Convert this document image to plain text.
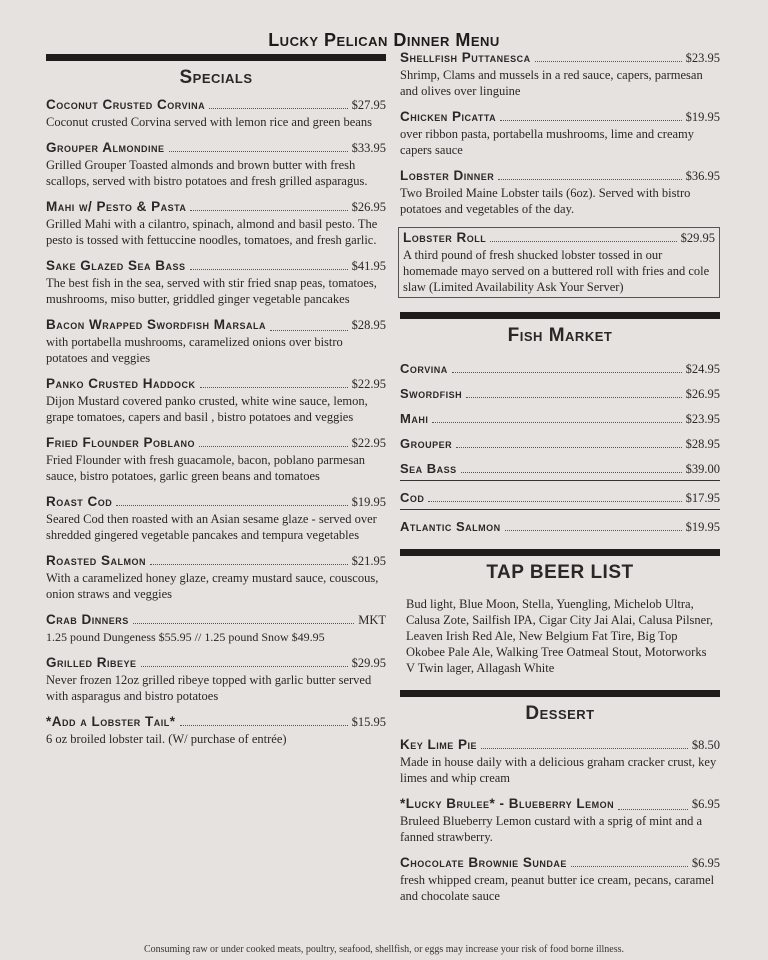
Lucky Pelican Dinner Menu
Specials
Coconut Crusted Corvina	$27.95
Coconut crusted Corvina served with lemon rice and green beans
Grouper Almondine	$33.95
Grilled Grouper Toasted almonds and brown butter with fresh scallops, served with bistro potatoes and fresh grilled asparagus.
Mahi w/ Pesto & Pasta	$26.95
Grilled Mahi with a cilantro, spinach, almond and basil pesto. The pesto is tossed with fettuccine noodles, tomatoes, and fresh garlic.
Sake Glazed Sea Bass	$41.95
The best fish in the sea, served with stir fried snap peas, tomatoes, mushrooms, miso butter, griddled ginger vegetable pancakes
Bacon Wrapped Swordfish Marsala	$28.95
with portabella mushrooms, caramelized onions over bistro potatoes and veggies
Panko Crusted Haddock	$22.95
Dijon Mustard covered panko crusted, white wine sauce, lemon, grape tomatoes, capers and basil , bistro potatoes and veggies
Fried Flounder Poblano	$22.95
Fried Flounder with fresh guacamole, bacon, poblano parmesan sauce, bistro potatoes, garlic green beans and tomatoes
Roast Cod	$19.95
Seared Cod then roasted with an Asian sesame glaze - served over shredded gingered vegetable pancakes and tempura vegetables
Roasted Salmon	$21.95
With a caramelized honey glaze, creamy mustard sauce, couscous, onion straws and veggies
Crab Dinners	MKT
1.25 pound Dungeness $55.95 // 1.25 pound Snow $49.95
Grilled Ribeye	$29.95
Never frozen 12oz grilled ribeye topped with garlic butter served with asparagus and bistro potatoes
*Add a Lobster Tail*	$15.95
6 oz broiled lobster tail. (W/ purchase of entrée)
Shellfish Puttanesca	$23.95
Shrimp, Clams and mussels in a red sauce, capers, parmesan and olives over linguine
Chicken Picatta	$19.95
over ribbon pasta, portabella mushrooms, lime and creamy capers sauce
Lobster Dinner	$36.95
Two Broiled Maine Lobster tails (6oz). Served with bistro potatoes and vegetables of the day.
Lobster Roll	$29.95
A third pound of fresh shucked lobster tossed in our homemade mayo served on a buttered roll with fries and cole slaw (Limited Availability Ask Your Server)
Fish Market
Corvina	$24.95
Swordfish	$26.95
Mahi	$23.95
Grouper	$28.95
Sea Bass	$39.00
Cod	$17.95
Atlantic Salmon	$19.95
TAP BEER LIST
Bud light, Blue Moon, Stella, Yuengling, Michelob Ultra, Calusa Zote, Sailfish IPA, Cigar City Jai Alai, Calusa Pilsner, Leaven Irish Red Ale, New Belgium Fat Tire, Big Top Okobee Pale Ale, Walking Tree Oatmeal Stout, Motorworks V Twin lager, Allagash White
Dessert
Key Lime Pie	$8.50
Made in house daily with a delicious graham cracker crust, key limes and whip cream
*Lucky Brulee* - Blueberry Lemon	$6.95
Bruleed Blueberry Lemon custard with a sprig of mint and a fanned strawberry.
Chocolate Brownie Sundae	$6.95
fresh whipped cream, peanut butter ice cream, pecans, caramel and chocolate sauce
Consuming raw or under cooked meats, poultry, seafood, shellfish, or eggs may increase your risk of food borne illness.
